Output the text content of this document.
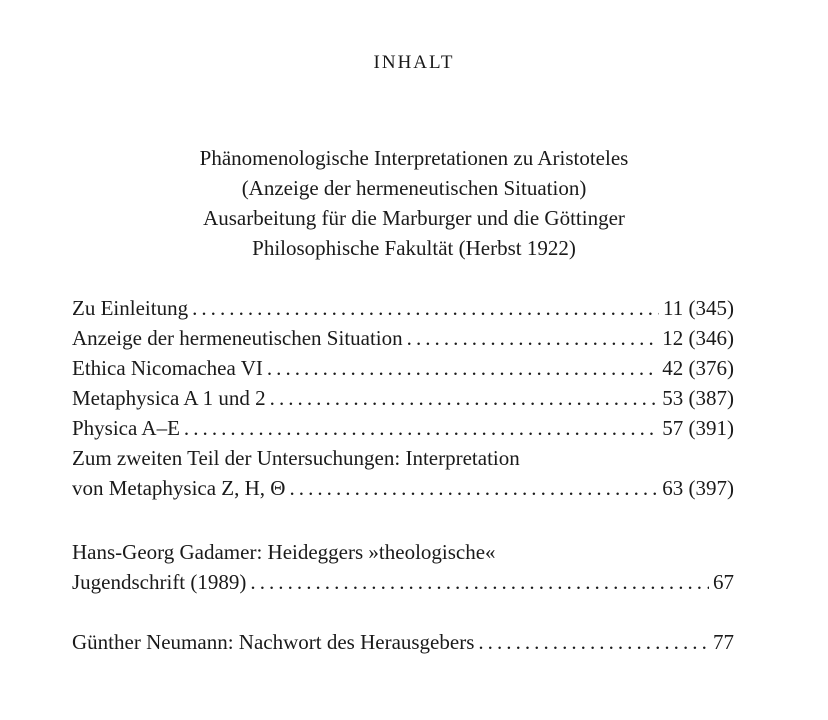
INHALT
Phänomenologische Interpretationen zu Aristoteles
(Anzeige der hermeneutischen Situation)
Ausarbeitung für die Marburger und die Göttinger
Philosophische Fakultät (Herbst 1922)
Zu Einleitung . . .	11 (345)
Anzeige der hermeneutischen Situation . . .	12 (346)
Ethica Nicomachea VI . . .	42 (376)
Metaphysica A 1 und 2 . . .	53 (387)
Physica A–E . . .	57 (391)
Zum zweiten Teil der Untersuchungen: Interpretation
von Metaphysica Z, H, Θ . . .	63 (397)
Hans-Georg Gadamer: Heideggers »theologische«
Jugendschrift (1989) . . .	67
Günther Neumann: Nachwort des Herausgebers . . .	77
